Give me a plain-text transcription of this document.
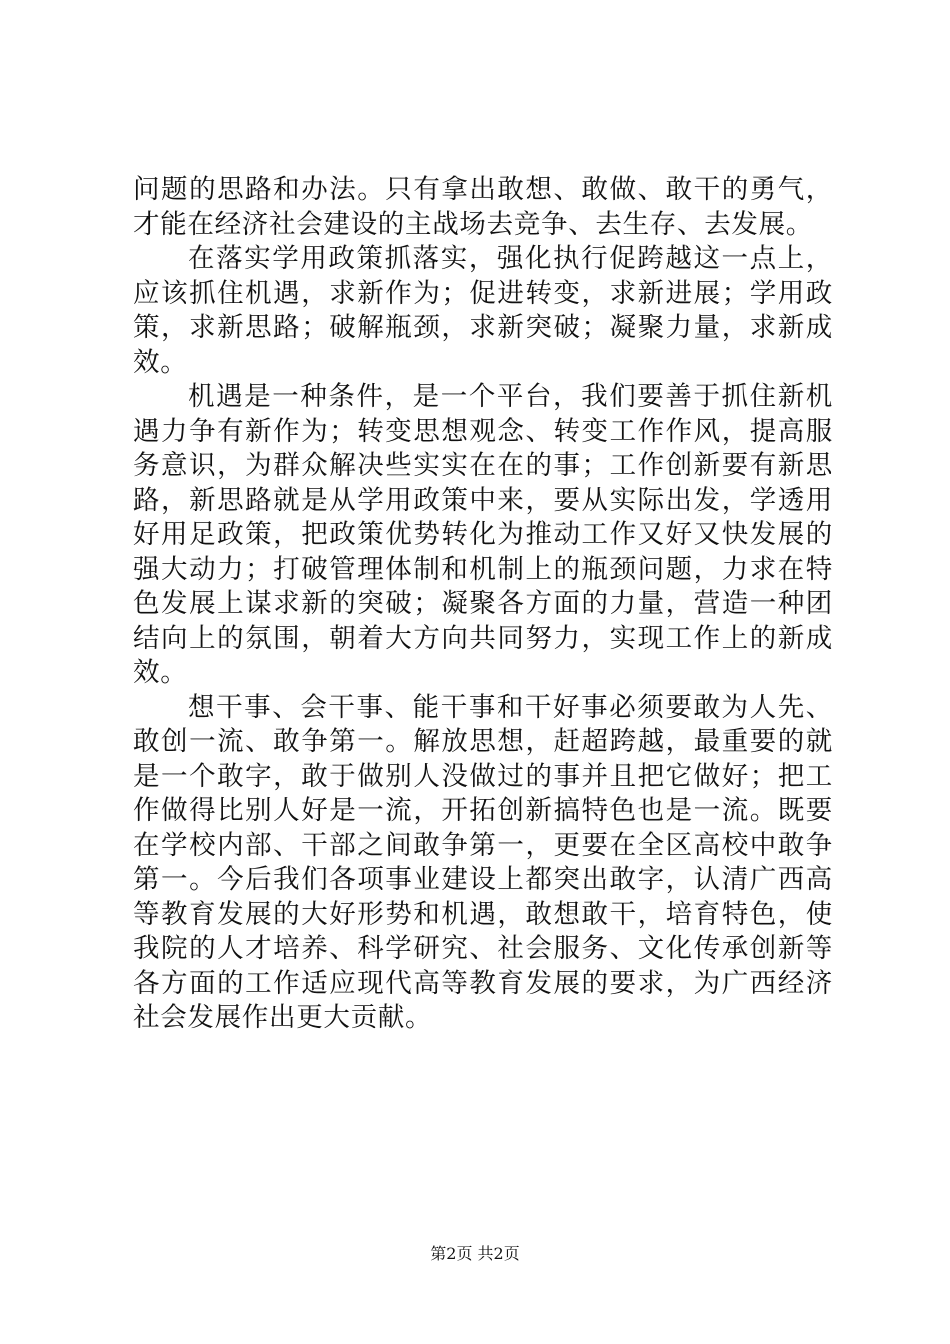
问题的思路和办法。只有拿出敢想、敢做、敢干的勇气，才能在经济社会建设的主战场去竞争、去生存、去发展。

在落实学用政策抓落实，强化执行促跨越这一点上，应该抓住机遇，求新作为；促进转变，求新进展；学用政策，求新思路；破解瓶颈，求新突破；凝聚力量，求新成效。

机遇是一种条件，是一个平台，我们要善于抓住新机遇力争有新作为；转变思想观念、转变工作作风，提高服务意识，为群众解决些实实在在的事；工作创新要有新思路，新思路就是从学用政策中来，要从实际出发，学透用好用足政策，把政策优势转化为推动工作又好又快发展的强大动力；打破管理体制和机制上的瓶颈问题，力求在特色发展上谋求新的突破；凝聚各方面的力量，营造一种团结向上的氛围，朝着大方向共同努力，实现工作上的新成效。

想干事、会干事、能干事和干好事必须要敢为人先、敢创一流、敢争第一。解放思想，赶超跨越，最重要的就是一个敢字，敢于做别人没做过的事并且把它做好；把工作做得比别人好是一流，开拓创新搞特色也是一流。既要在学校内部、干部之间敢争第一，更要在全区高校中敢争第一。今后我们各项事业建设上都突出敢字，认清广西高等教育发展的大好形势和机遇，敢想敢干，培育特色，使我院的人才培养、科学研究、社会服务、文化传承创新等各方面的工作适应现代高等教育发展的要求，为广西经济社会发展作出更大贡献。

第2页 共2页
